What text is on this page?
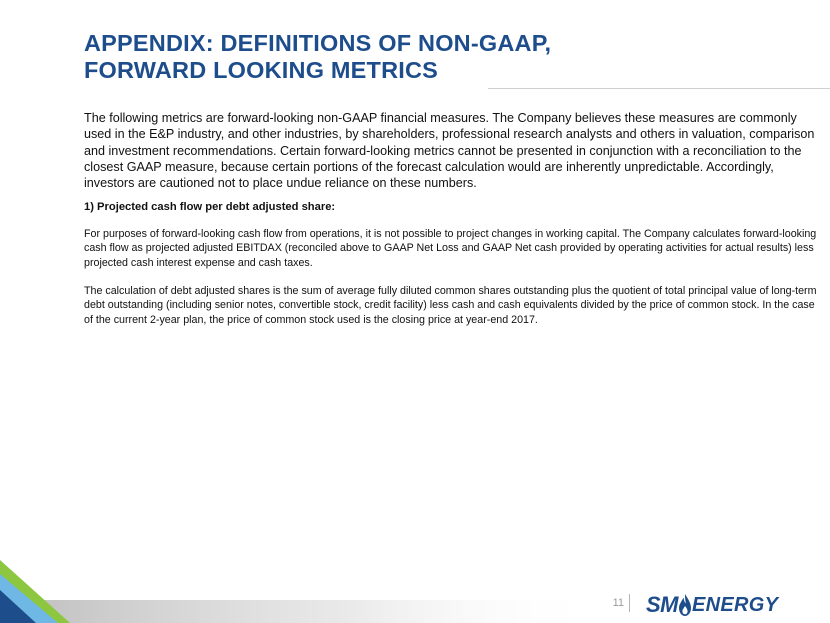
APPENDIX: DEFINITIONS OF NON-GAAP,
FORWARD LOOKING METRICS

The following metrics are forward-looking non-GAAP financial measures. The Company believes these measures are commonly used in the E&P industry, and other industries, by shareholders, professional research analysts and others in valuation, comparison and investment recommendations. Certain forward-looking metrics cannot be presented in conjunction with a reconciliation to the closest GAAP measure, because certain portions of the forecast calculation would are inherently unpredictable. Accordingly, investors are cautioned not to place undue reliance on these numbers.

1) Projected cash flow per debt adjusted share:

For purposes of forward-looking cash flow from operations, it is not possible to project changes in working capital. The Company calculates forward-looking cash flow as projected adjusted EBITDAX (reconciled above to GAAP Net Loss and GAAP Net cash provided by operating activities for actual results) less projected cash interest expense and cash taxes.

The calculation of debt adjusted shares is the sum of average fully diluted common shares outstanding plus the quotient of total principal value of long-term debt outstanding (including senior notes, convertible stock, credit facility) less cash and cash equivalents divided by the price of common stock. In the case of the current 2-year plan, the price of common stock used is the closing price at year-end 2017.

11 SM ENERGY
